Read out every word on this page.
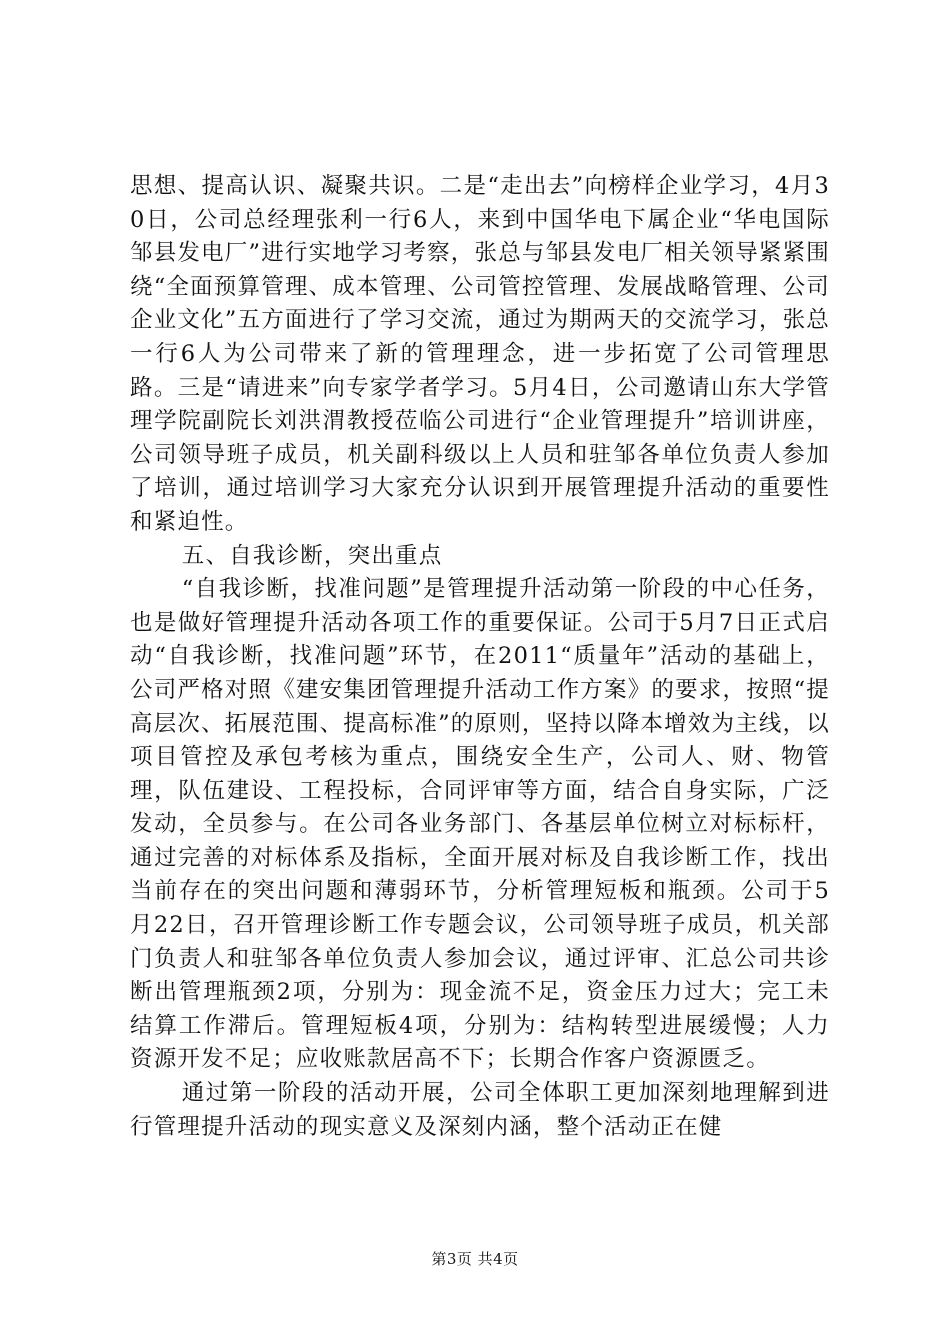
思想、提高认识、凝聚共识。二是“走出去”向榜样企业学习，4月30日，公司总经理张利一行6人，来到中国华电下属企业“华电国际邹县发电厂”进行实地学习考察，张总与邹县发电厂相关领导紧紧围绕“全面预算管理、成本管理、公司管控管理、发展战略管理、公司企业文化”五方面进行了学习交流，通过为期两天的交流学习，张总一行6人为公司带来了新的管理理念，进一步拓宽了公司管理思路。三是“请进来”向专家学者学习。5月4日，公司邀请山东大学管理学院副院长刘洪渭教授莅临公司进行“企业管理提升”培训讲座，公司领导班子成员，机关副科级以上人员和驻邹各单位负责人参加了培训，通过培训学习大家充分认识到开展管理提升活动的重要性和紧迫性。

五、自我诊断，突出重点

“自我诊断，找准问题”是管理提升活动第一阶段的中心任务，也是做好管理提升活动各项工作的重要保证。公司于5月7日正式启动“自我诊断，找准问题”环节，在2011“质量年”活动的基础上，公司严格对照《建安集团管理提升活动工作方案》的要求，按照“提高层次、拓展范围、提高标准”的原则，坚持以降本增效为主线，以项目管控及承包考核为重点，围绕安全生产，公司人、财、物管理，队伍建设、工程投标，合同评审等方面，结合自身实际，广泛发动，全员参与。在公司各业务部门、各基层单位树立对标标杆，通过完善的对标体系及指标，全面开展对标及自我诊断工作，找出当前存在的突出问题和薄弱环节，分析管理短板和瓶颈。公司于5月22日，召开管理诊断工作专题会议，公司领导班子成员，机关部门负责人和驻邹各单位负责人参加会议，通过评审、汇总公司共诊断出管理瓶颈2项，分别为：现金流不足，资金压力过大；完工未结算工作滞后。管理短板4项，分别为：结构转型进展缓慢；人力资源开发不足；应收账款居高不下；长期合作客户资源匮乏。

通过第一阶段的活动开展，公司全体职工更加深刻地理解到进行管理提升活动的现实意义及深刻内涵，整个活动正在健

第3页 共4页
